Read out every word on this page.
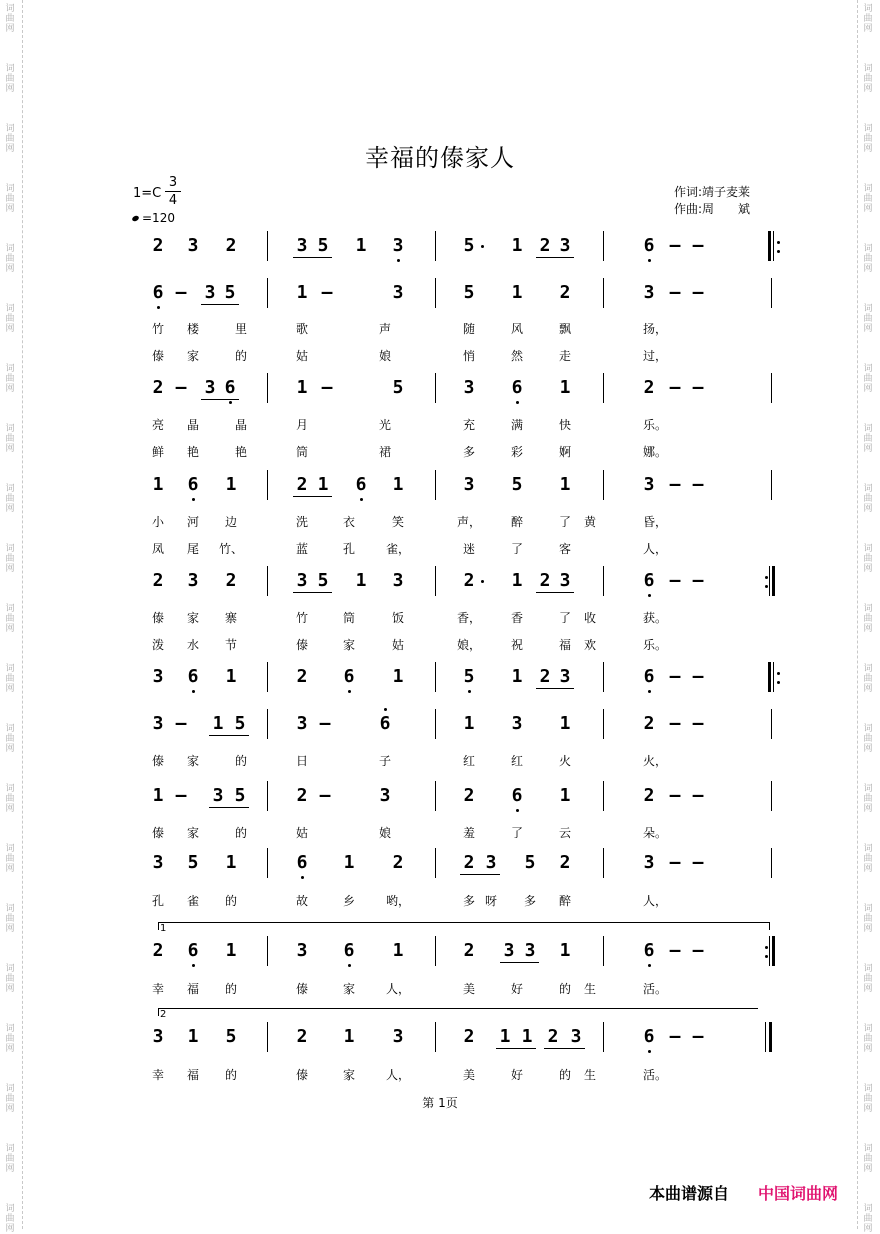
词
曲
网
词
曲
网
词
曲
网
词
曲
网
词
曲
网
词
曲
网
词
曲
网
词
曲
网
词
曲
网
词
曲
网
词
曲
网
词
曲
网
词
曲
网
词
曲
网
词
曲
网
词
曲
网
词
曲
网
词
曲
网
词
曲
网
词
曲
网
词
曲
网
词
曲
网
词
曲
网
词
曲
网
词
曲
网
词
曲
网
词
曲
网
词
曲
网
词
曲
网
词
曲
网
词
曲
网
词
曲
网
词
曲
网
词
曲
网
词
曲
网
词
曲
网
词
曲
网
词
曲
网
词
曲
网
词
曲
网
词
曲
网
词
曲
网
幸福的傣家人
$1=C \frac{3}{4}$
=120
作词:靖子麦莱
作曲:周　　斌
2	3	2	3 5	1	3	5	1 2 3	6 – –
6 –	3 5	1 –	3	5	1	2	3 – –
竹	楼	里	歌	声	随	风	飘	扬，
傣	家	的	姑	娘	悄	然	走	过，
2 –	3 6	1 –	5	3	6	1	2 – –
亮	晶	晶	月	光	充	满	快	乐。
鲜	艳	艳	筒	裙	多	彩	婀	娜。
1	6	1	2 1	6	1	3	5	1	3 – –
小	河	边	洗	衣	笑	声，	醉	了	黄	昏，
凤	尾	竹、	蓝	孔	雀，	迷	了	客	人，
2	3	2	3 5	1	3	2	1 2 3	6 – –
傣	家	寨	竹	筒	饭	香，	香	了	收	获。
泼	水	节	傣	家	姑	娘，	祝	福	欢	乐。
3	6	1	2	6	1	5	1 2 3	6 – –
3 –	1 5	3 –	6	1	3	1	2 – –
傣	家	的	日	子	红	红	火	火，
1 –	3 5	2 –	3	2	6	1	2 – –
傣	家	的	姑	娘	羞	了	云	朵。
3	5	1	6	1	2	2 3	5	2	3 – –
孔	雀	的	故	乡	哟，	多 呀	多	醉	人，
2	6	1	3	6	1	2	3 3	1	6 – –
幸	福	的	傣	家	人，	美	好	的	生	活。
3	1	5	2	1	3	2	1 1 2 3	6 – –
幸	福	的	傣	家	人，	美	好	的	生	活。
1
2
第 1页
本曲谱源自 中国词曲网
